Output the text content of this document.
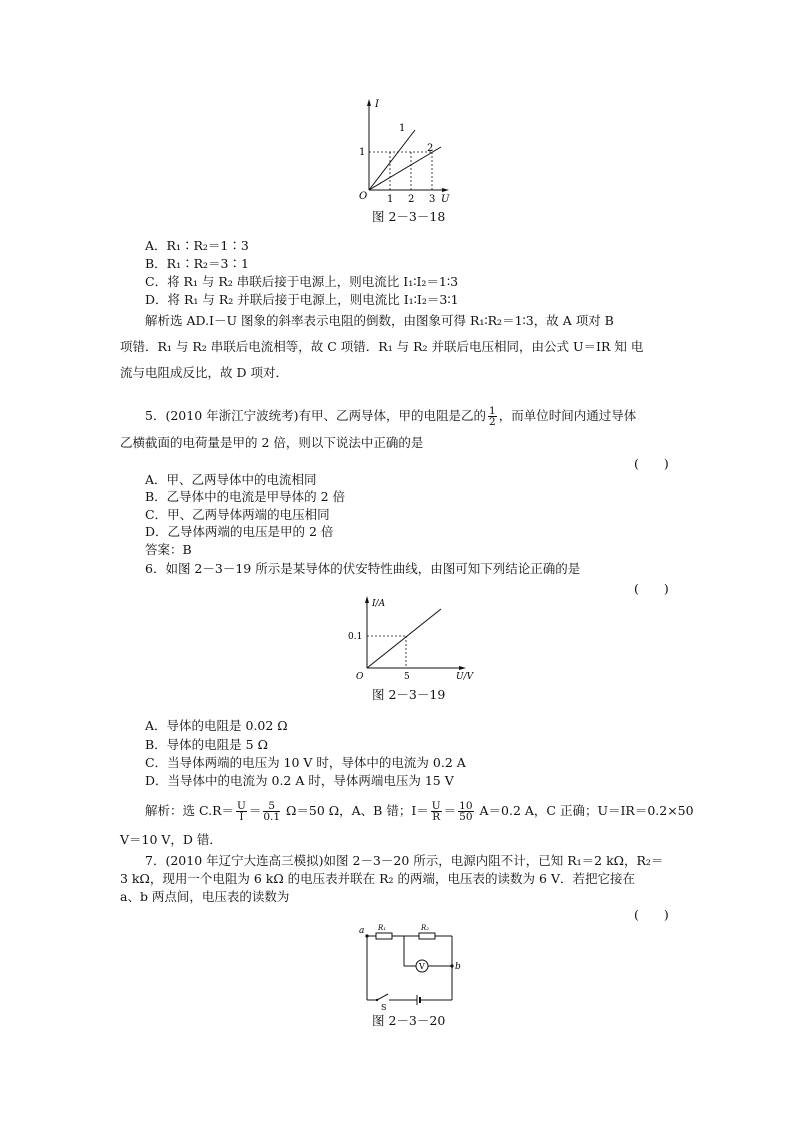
I
1
2
1
O 1 2 3 U
图 2－3－18
A．R₁∶R₂＝1∶3
B．R₁∶R₂＝3∶1
C．将 R₁ 与 R₂ 串联后接于电源上，则电流比 I₁∶I₂＝1∶3
D．将 R₁ 与 R₂ 并联后接于电源上，则电流比 I₁∶I₂＝3∶1
解析选 AD.I－U 图象的斜率表示电阻的倒数，由图象可得 R₁∶R₂＝1∶3，故 A 项对 B
项错．R₁ 与 R₂ 串联后电流相等，故 C 项错．R₁ 与 R₂ 并联后电压相同，由公式 U＝IR 知 电
流与电阻成反比，故 D 项对．
5．(2010 年浙江宁波统考)有甲、乙两导体，甲的电阻是乙的 $\frac{1}{2}$ ，而单位时间内通过导体
乙横截面的电荷量是甲的 2 倍，则以下说法中正确的是
(　　)
A．甲、乙两导体中的电流相同
B．乙导体中的电流是甲导体的 2 倍
C．甲、乙两导体两端的电压相同
D．乙导体两端的电压是甲的 2 倍
答案：B
6．如图 2－3－19 所示是某导体的伏安特性曲线，由图可知下列结论正确的是
(　　)
I/A
0.1
O	5	U/V
图 2－3－19
A．导体的电阻是 0.02 Ω
B．导体的电阻是 5 Ω
C．当导体两端的电压为 10 V 时，导体中的电流为 0.2 A
D．当导体中的电流为 0.2 A 时，导体两端电压为 15 V
解析：选 $C.R= \frac{U}{I} = \frac{5}{0.1} \Omega=50$ Ω，A、B 错；$I= \frac{U}{R} = \frac{10}{50} A=0.2$ A，C 正确；U＝IR＝0.2×50
V＝10 V，D 错．
7．(2010 年辽宁大连高三模拟)如图 2－3－20 所示，电源内阻不计，已知 R₁＝2 kΩ，R₂＝
3 kΩ，现用一个电阻为 6 kΩ 的电压表并联在 R₂ 的两端，电压表的读数为 6 V．若把它接在
a、b 两点间，电压表的读数为
(　　)
V
a R₁	R₂
b
S
图 2－3－20
